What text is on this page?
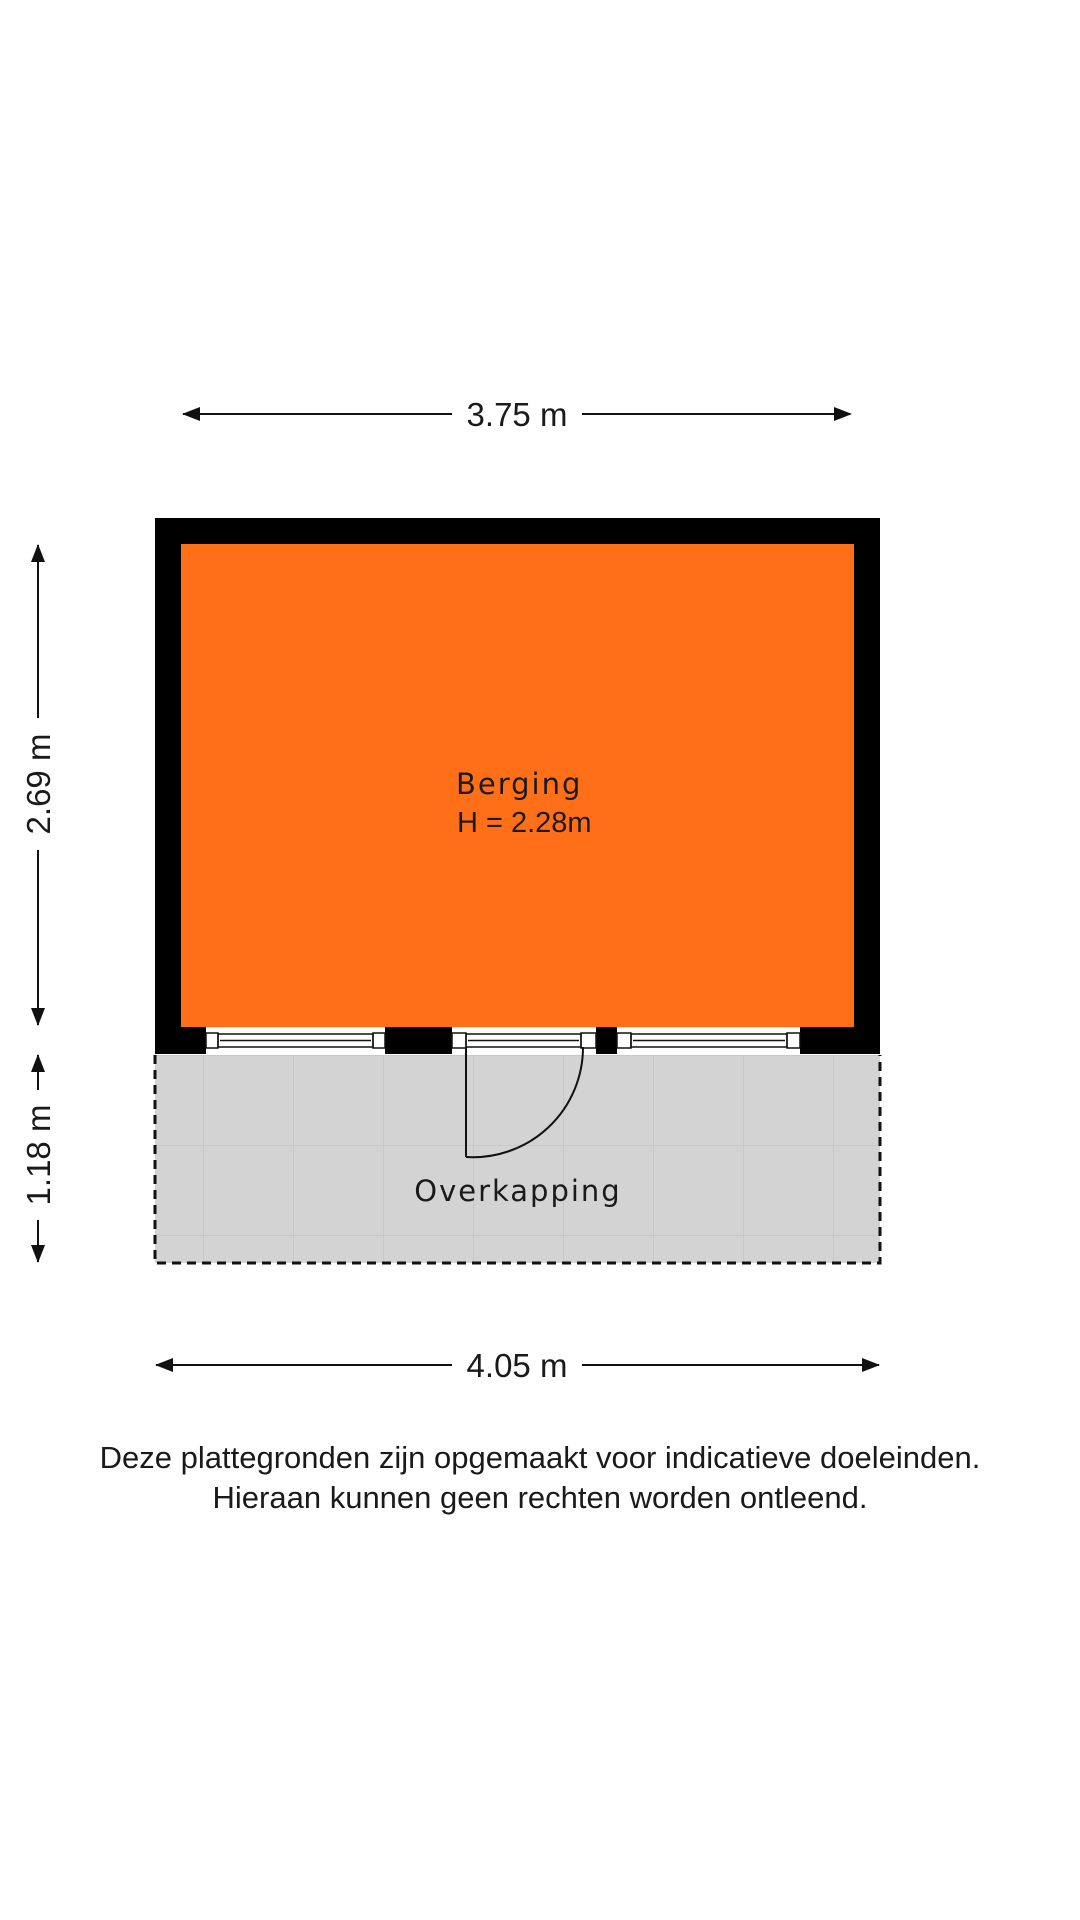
3.75 m
4.05 m
2.69 m
1.18 m
Berging
H = 2.28m
Overkapping
Deze plattegronden zijn opgemaakt voor indicatieve doeleinden.
Hieraan kunnen geen rechten worden ontleend.
